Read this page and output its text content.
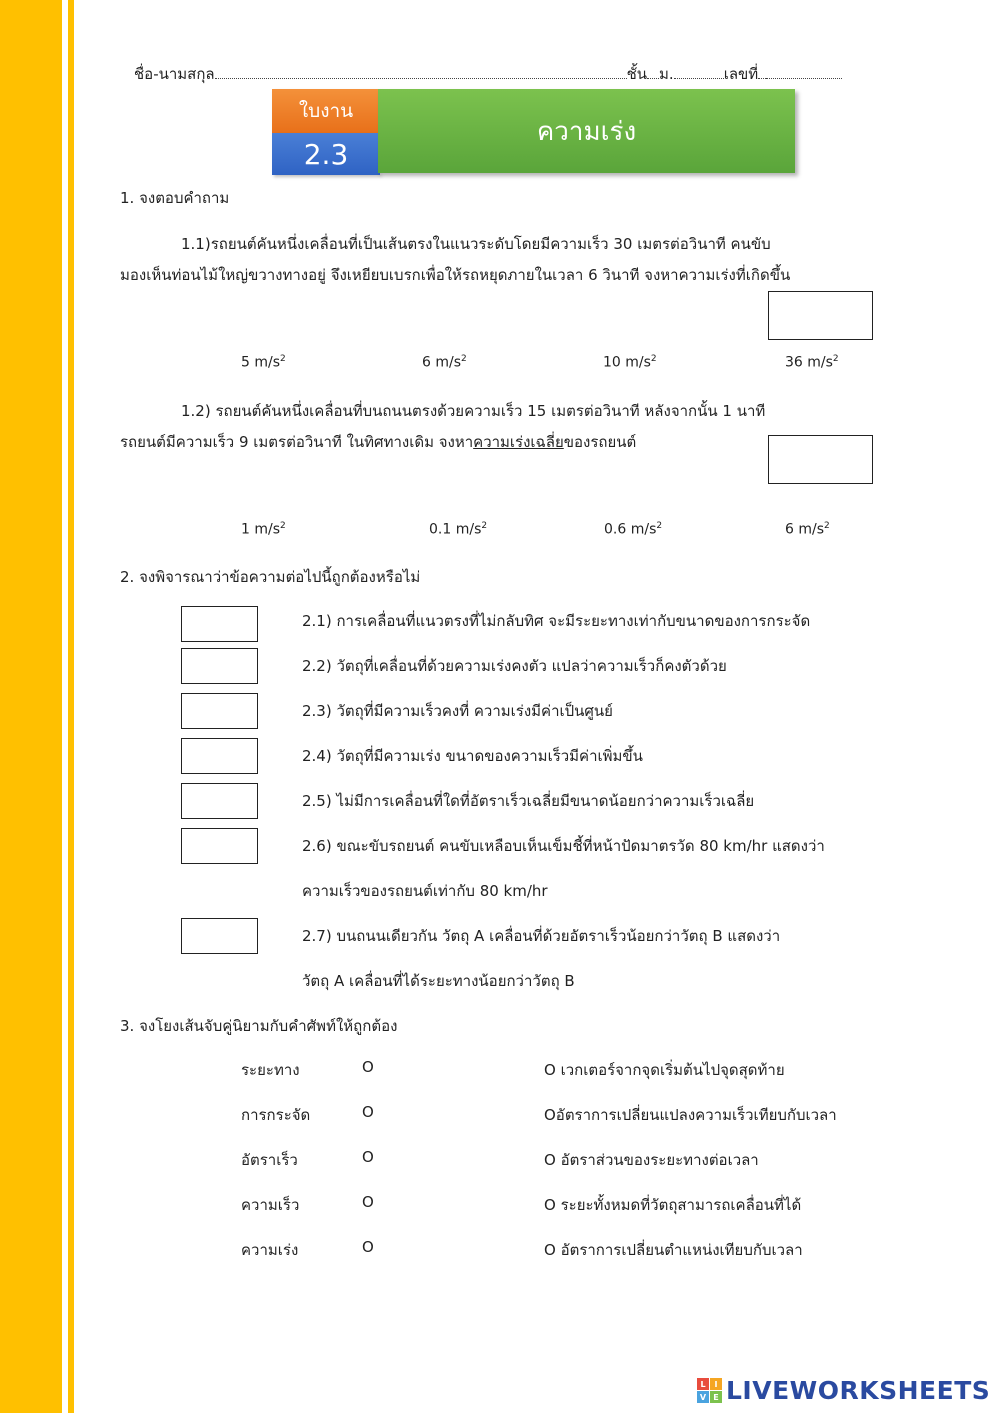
ชื่อ-นามสกุล	ชั้น ม.	เลขที่
ใบงาน
2.3
ความเร่ง
1. จงตอบคำถาม
1.1)รถยนต์คันหนึ่งเคลื่อนที่เป็นเส้นตรงในแนวระดับโดยมีความเร็ว 30 เมตรต่อวินาที คนขับ
มองเห็นท่อนไม้ใหญ่ขวางทางอยู่ จึงเหยียบเบรกเพื่อให้รถหยุดภายในเวลา 6 วินาที จงหาความเร่งที่เกิดขึ้น
5 $m/s^2$	6 $m/s^2$	10 $m/s^2$	36 $m/s^2$
1.2) รถยนต์คันหนึ่งเคลื่อนที่บนถนนตรงด้วยความเร็ว 15 เมตรต่อวินาที หลังจากนั้น 1 นาที
รถยนต์มีความเร็ว 9 เมตรต่อวินาที ในทิศทางเดิม จงหาความเร่งเฉลี่ยของรถยนต์
1 $m/s^2$	0.1 $m/s^2$	0.6 $m/s^2$	6 $m/s^2$
2. จงพิจารณาว่าข้อความต่อไปนี้ถูกต้องหรือไม่
2.1) การเคลื่อนที่แนวตรงที่ไม่กลับทิศ จะมีระยะทางเท่ากับขนาดของการกระจัด
2.2) วัตถุที่เคลื่อนที่ด้วยความเร่งคงตัว แปลว่าความเร็วก็คงตัวด้วย
2.3) วัตถุที่มีความเร็วคงที่ ความเร่งมีค่าเป็นศูนย์
2.4) วัตถุที่มีความเร่ง ขนาดของความเร็วมีค่าเพิ่มขึ้น
2.5) ไม่มีการเคลื่อนที่ใดที่อัตราเร็วเฉลี่ยมีขนาดน้อยกว่าความเร็วเฉลี่ย
2.6) ขณะขับรถยนต์ คนขับเหลือบเห็นเข็มชี้ที่หน้าปัดมาตรวัด 80 km/hr แสดงว่า
ความเร็วของรถยนต์เท่ากับ 80 km/hr
2.7) บนถนนเดียวกัน วัตถุ A เคลื่อนที่ด้วยอัตราเร็วน้อยกว่าวัตถุ B แสดงว่า
วัตถุ A เคลื่อนที่ได้ระยะทางน้อยกว่าวัตถุ B
3. จงโยงเส้นจับคู่นิยามกับคำศัพท์ให้ถูกต้อง
ระยะทาง	O	O เวกเตอร์จากจุดเริ่มต้นไปจุดสุดท้าย
การกระจัด	O	Oอัตราการเปลี่ยนแปลงความเร็วเทียบกับเวลา
อัตราเร็ว	O	O อัตราส่วนของระยะทางต่อเวลา
ความเร็ว	O	O ระยะทั้งหมดที่วัตถุสามารถเคลื่อนที่ได้
ความเร่ง	O	O อัตราการเปลี่ยนตำแหน่งเทียบกับเวลา
L	I
V E LIVEWORKSHEETS
